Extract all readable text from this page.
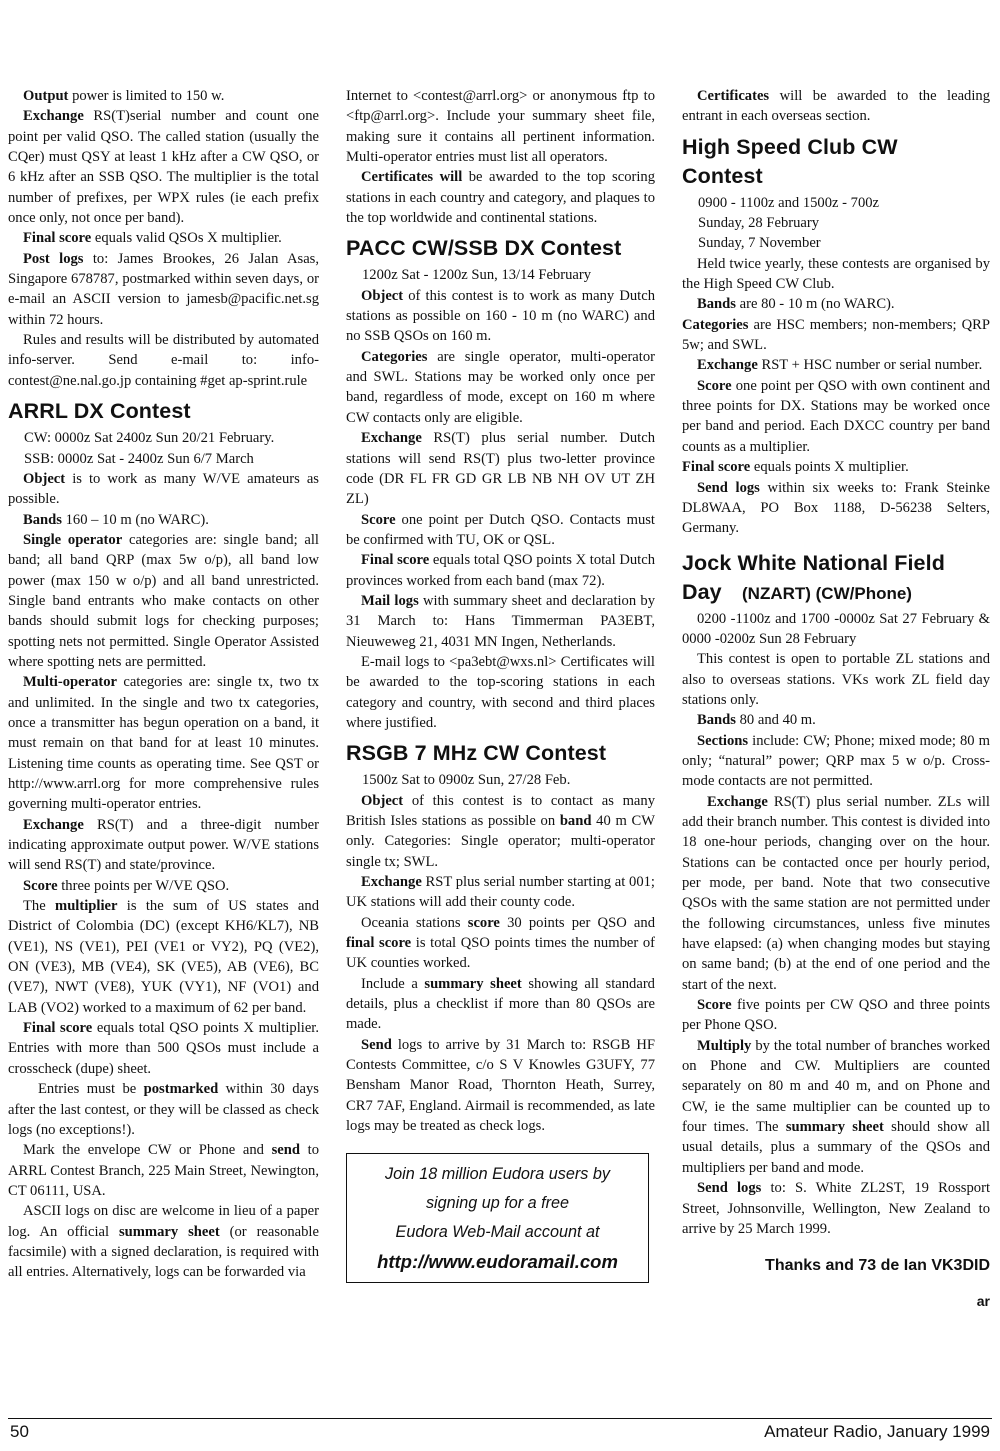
Output power is limited to 150 w.

Exchange RS(T)serial number and count one point per valid QSO. The called station (usually the CQer) must QSY at least 1 kHz after a CW QSO, or 6 kHz after an SSB QSO. The multiplier is the total number of prefixes, per WPX rules (ie each prefix once only, not once per band).

Final score equals valid QSOs X multiplier.

Post logs to: James Brookes, 26 Jalan Asas, Singapore 678787, postmarked within seven days, or e-mail an ASCII version to jamesb@pacific.net.sg within 72 hours.

Rules and results will be distributed by automated info-server. Send e-mail to: info-contest@ne.nal.go.jp containing #get ap-sprint.rule

ARRL DX Contest

CW: 0000z Sat 2400z Sun 20/21 February.

SSB: 0000z Sat - 2400z Sun 6/7 March

Object is to work as many W/VE amateurs as possible.

Bands 160 – 10 m (no WARC).

Single operator categories are: single band; all band; all band QRP (max 5w o/p), all band low power (max 150 w o/p) and all band unrestricted. Single band entrants who make contacts on other bands should submit logs for checking purposes; spotting nets not permitted. Single Operator Assisted where spotting nets are permitted.

Multi-operator categories are: single tx, two tx and unlimited. In the single and two tx categories, once a transmitter has begun operation on a band, it must remain on that band for at least 10 minutes. Listening time counts as operating time. See QST or http://www.arrl.org for more comprehensive rules governing multi-operator entries.

Exchange RS(T) and a three-digit number indicating approximate output power. W/VE stations will send RS(T) and state/province.

Score three points per W/VE QSO.

The multiplier is the sum of US states and District of Colombia (DC) (except KH6/KL7), NB (VE1), NS (VE1), PEI (VE1 or VY2), PQ (VE2), ON (VE3), MB (VE4), SK (VE5), AB (VE6), BC (VE7), NWT (VE8), YUK (VY1), NF (VO1) and LAB (VO2) worked to a maximum of 62 per band.

Final score equals total QSO points X multiplier. Entries with more than 500 QSOs must include a crosscheck (dupe) sheet.

Entries must be postmarked within 30 days after the last contest, or they will be classed as check logs (no exceptions!).

Mark the envelope CW or Phone and send to ARRL Contest Branch, 225 Main Street, Newington, CT 06111, USA.

ASCII logs on disc are welcome in lieu of a paper log. An official summary sheet (or reasonable facsimile) with a signed declaration, is required with all entries. Alternatively, logs can be forwarded via

Internet to <contest@arrl.org> or anonymous ftp to <ftp@arrl.org>. Include your summary sheet file, making sure it contains all pertinent information. Multi-operator entries must list all operators.

Certificates will be awarded to the top scoring stations in each country and category, and plaques to the top worldwide and continental stations.

PACC CW/SSB DX Contest

1200z Sat - 1200z Sun, 13/14 February

Object of this contest is to work as many Dutch stations as possible on 160 - 10 m (no WARC) and no SSB QSOs on 160 m.

Categories are single operator, multi-operator and SWL. Stations may be worked only once per band, regardless of mode, except on 160 m where CW contacts only are eligible.

Exchange RS(T) plus serial number. Dutch stations will send RS(T) plus two-letter province code (DR FL FR GD GR LB NB NH OV UT ZH ZL)

Score one point per Dutch QSO. Contacts must be confirmed with TU, OK or QSL.

Final score equals total QSO points X total Dutch provinces worked from each band (max 72).

Mail logs with summary sheet and declaration by 31 March to: Hans Timmerman PA3EBT, Nieuweweg 21, 4031 MN Ingen, Netherlands.

E-mail logs to <pa3ebt@wxs.nl> Certificates will be awarded to the top-scoring stations in each category and country, with second and third places where justified.

RSGB 7 MHz CW Contest

1500z Sat to 0900z Sun, 27/28 Feb.

Object of this contest is to contact as many British Isles stations as possible on band 40 m CW only. Categories: Single operator; multi-operator single tx; SWL.

Exchange RST plus serial number starting at 001; UK stations will add their county code.

Oceania stations score 30 points per QSO and final score is total QSO points times the number of UK counties worked.

Include a summary sheet showing all standard details, plus a checklist if more than 80 QSOs are made.

Send logs to arrive by 31 March to: RSGB HF Contests Committee, c/o S V Knowles G3UFY, 77 Bensham Manor Road, Thornton Heath, Surrey, CR7 7AF, England. Airmail is recommended, as late logs may be treated as check logs.

Join 18 million Eudora users by
signing up for a free
Eudora Web-Mail account at
http://www.eudoramail.com

Certificates will be awarded to the leading entrant in each overseas section.

High Speed Club CW
Contest

0900 - 1100z and 1500z - 700z

Sunday, 28 February

Sunday, 7 November

Held twice yearly, these contests are organised by the High Speed CW Club.

Bands are 80 - 10 m (no WARC).

Categories are HSC members; non-members; QRP 5w; and SWL.

Exchange RST + HSC number or serial number.

Score one point per QSO with own continent and three points for DX. Stations may be worked once per band and period. Each DXCC country per band counts as a multiplier.

Final score equals points X multiplier.

Send logs within six weeks to: Frank Steinke DL8WAA, PO Box 1188, D-56238 Selters, Germany.

Jock White National Field
Day	(NZART) (CW/Phone)

0200 -1100z and 1700 -0000z Sat 27 February & 0000 -0200z Sun 28 February

This contest is open to portable ZL stations and also to overseas stations. VKs work ZL field day stations only.

Bands 80 and 40 m.

Sections include: CW; Phone; mixed mode; 80 m only; “natural” power; QRP max 5 w o/p. Cross-mode contacts are not permitted.

Exchange RS(T) plus serial number. ZLs will add their branch number. This contest is divided into 18 one-hour periods, changing over on the hour. Stations can be contacted once per hourly period, per mode, per band. Note that two consecutive QSOs with the same station are not permitted under the following circumstances, unless five minutes have elapsed: (a) when changing modes but staying on same band; (b) at the end of one period and the start of the next.

Score five points per CW QSO and three points per Phone QSO.

Multiply by the total number of branches worked on Phone and CW. Multipliers are counted separately on 80 m and 40 m, and on Phone and CW, ie the same multiplier can be counted up to four times. The summary sheet should show all usual details, plus a summary of the QSOs and multipliers per band and mode.

Send logs to: S. White ZL2ST, 19 Rossport Street, Johnsonville, Wellington, New Zealand to arrive by 25 March 1999.

Thanks and 73 de Ian VK3DID
ar
50	Amateur Radio, January 1999
